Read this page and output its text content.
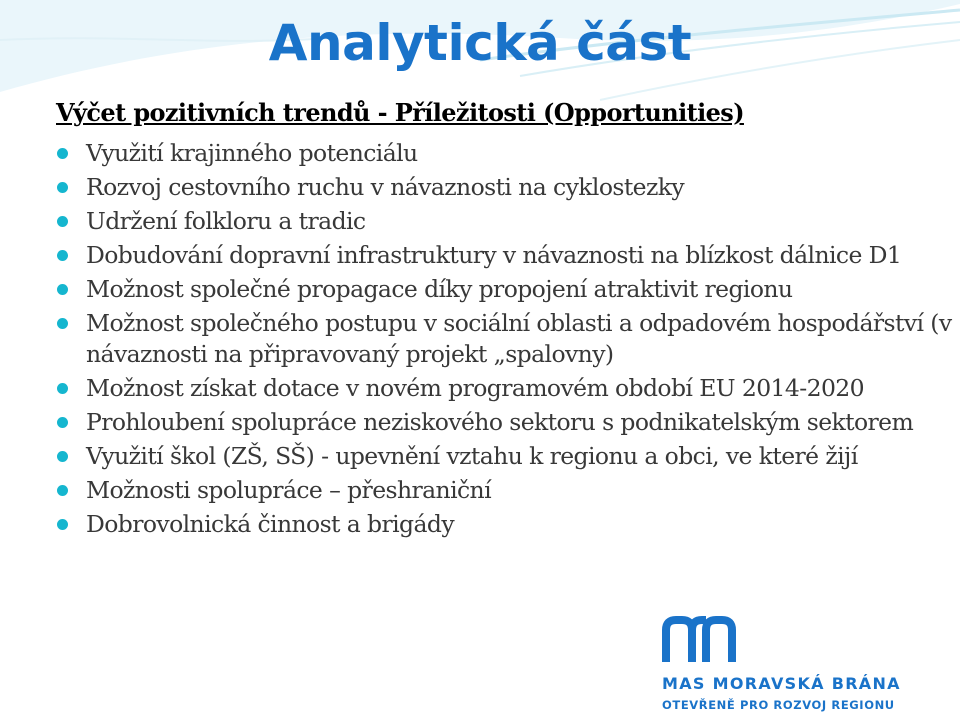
Analytická část
Výčet pozitivních trendů - Příležitosti (Opportunities)
Využití krajinného potenciálu
Rozvoj cestovního ruchu v návaznosti na cyklostezky
Udržení folkloru a tradic
Dobudování dopravní infrastruktury v návaznosti na blízkost dálnice D1
Možnost společné propagace díky propojení atraktivit regionu
Možnost společného postupu v sociální oblasti a odpadovém hospodářství (v návaznosti na připravovaný projekt „spalovny)
Možnost získat dotace v novém programovém období EU 2014-2020
Prohloubení spolupráce neziskového sektoru s podnikatelským sektorem
Využití škol (ZŠ, SŠ) - upevnění vztahu k regionu a obci, ve které žijí
Možnosti spolupráce – přeshraniční
Dobrovolnická činnost a brigády
MAS MORAVSKÁ BRÁNA
OTEVŘENĚ PRO ROZVOJ REGIONU
